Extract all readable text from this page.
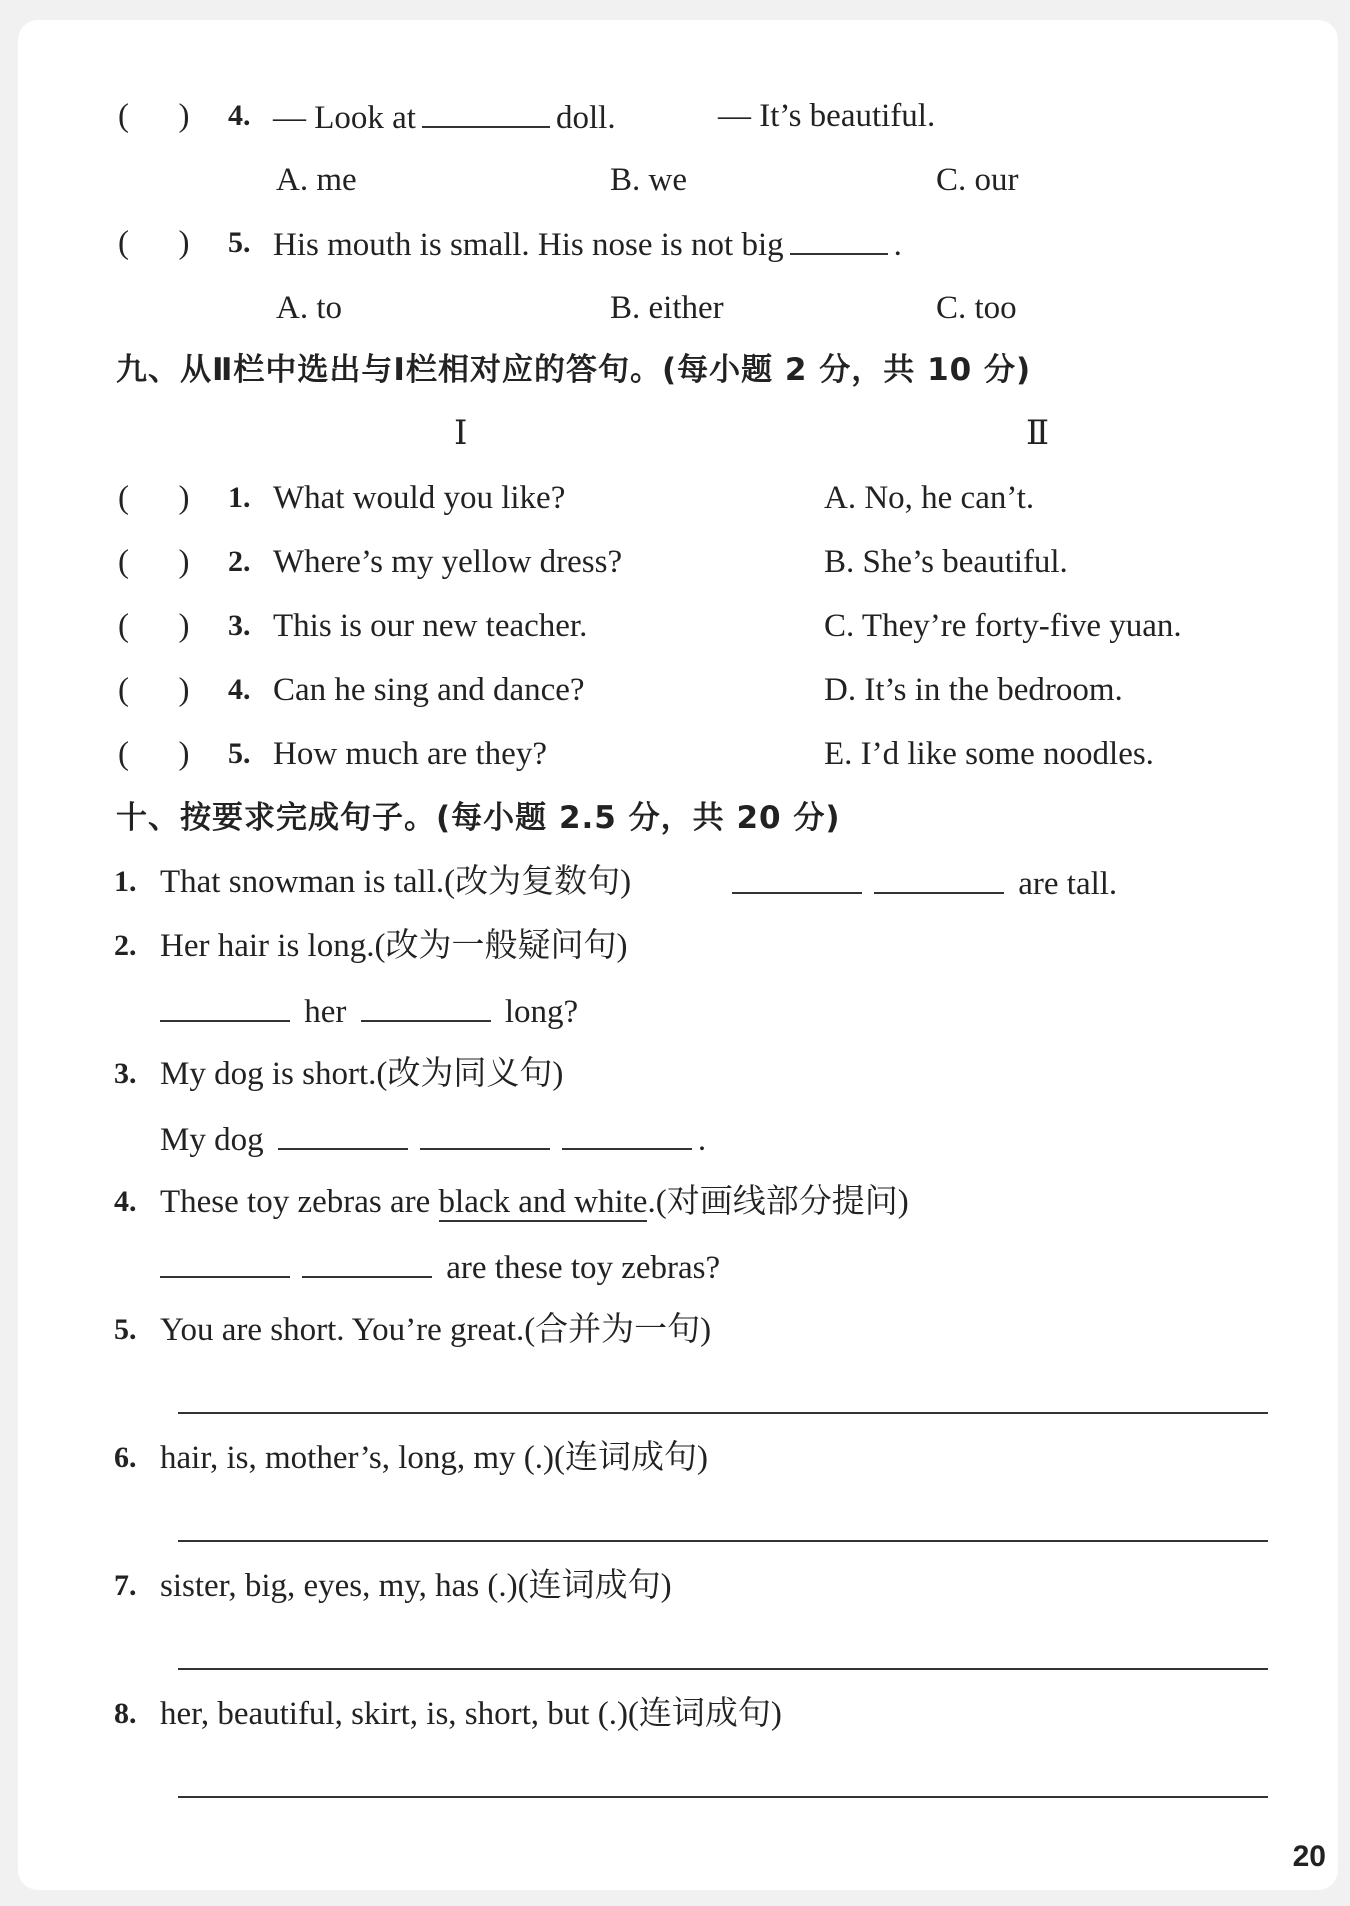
(      ) 4. — Look at	doll.	— It’s beautiful.
A. me	B. we	C. our
(      ) 5. His mouth is small. His nose is not big	.
A. to	B. either	C. too
九、从Ⅱ栏中选出与Ⅰ栏相对应的答句。(每小题 2 分，共 10 分)
Ⅰ	Ⅱ
(      ) 1. What would you like?	A. No, he can’t.
(      ) 2. Where’s my yellow dress?	B. She’s beautiful.
(      ) 3. This is our new teacher.	C. They’re forty-five yuan.
(      ) 4. Can he sing and dance?	D. It’s in the bedroom.
(      ) 5. How much are they?	E. I’d like some noodles.
十、按要求完成句子。(每小题 2.5 分，共 20 分)
1. That snowman is tall.(改为复数句)	are tall.
2. Her hair is long.(改为一般疑问句)
her	long?
3. My dog is short.(改为同义句)
My dog	.
4. These toy zebras are black and white.(对画线部分提问)
are these toy zebras?
5. You are short. You’re great.(合并为一句)
6. hair, is, mother’s, long, my (.)(连词成句)
7. sister, big, eyes, my, has (.)(连词成句)
8. her, beautiful, skirt, is, short, but (.)(连词成句)
20
